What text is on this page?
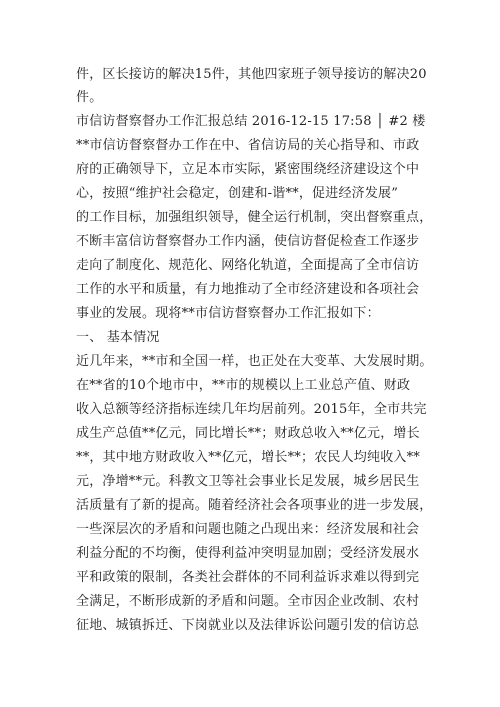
件，区长接访的解决15件，其他四家班子领导接访的解决20
件。
市信访督察督办工作汇报总结 2016-12-15 17:58 │ #2 楼
**市信访督察督办工作在中、省信访局的关心指导和、市政
府的正确领导下，立足本市实际，紧密围绕经济建设这个中
心，按照“维护社会稳定，创建和-谐**，促进经济发展”
的工作目标，加强组织领导，健全运行机制，突出督察重点，
不断丰富信访督察督办工作内涵，使信访督促检查工作逐步
走向了制度化、规范化、网络化轨道，全面提高了全市信访
工作的水平和质量，有力地推动了全市经济建设和各项社会
事业的发展。现将**市信访督察督办工作汇报如下：
一、 基本情况
近几年来，**市和全国一样，也正处在大变革、大发展时期。
在**省的10个地市中，**市的规模以上工业总产值、财政
收入总额等经济指标连续几年均居前列。2015年，全市共完
成生产总值**亿元，同比增长**；财政总收入**亿元，增长
**，其中地方财政收入**亿元，增长**；农民人均纯收入**
元，净增**元。科教文卫等社会事业长足发展，城乡居民生
活质量有了新的提高。随着经济社会各项事业的进一步发展，
一些深层次的矛盾和问题也随之凸现出来：经济发展和社会
利益分配的不均衡，使得利益冲突明显加剧；受经济发展水
平和政策的限制，各类社会群体的不同利益诉求难以得到完
全满足，不断形成新的矛盾和问题。全市因企业改制、农村
征地、城镇拆迁、下岗就业以及法律诉讼问题引发的信访总
